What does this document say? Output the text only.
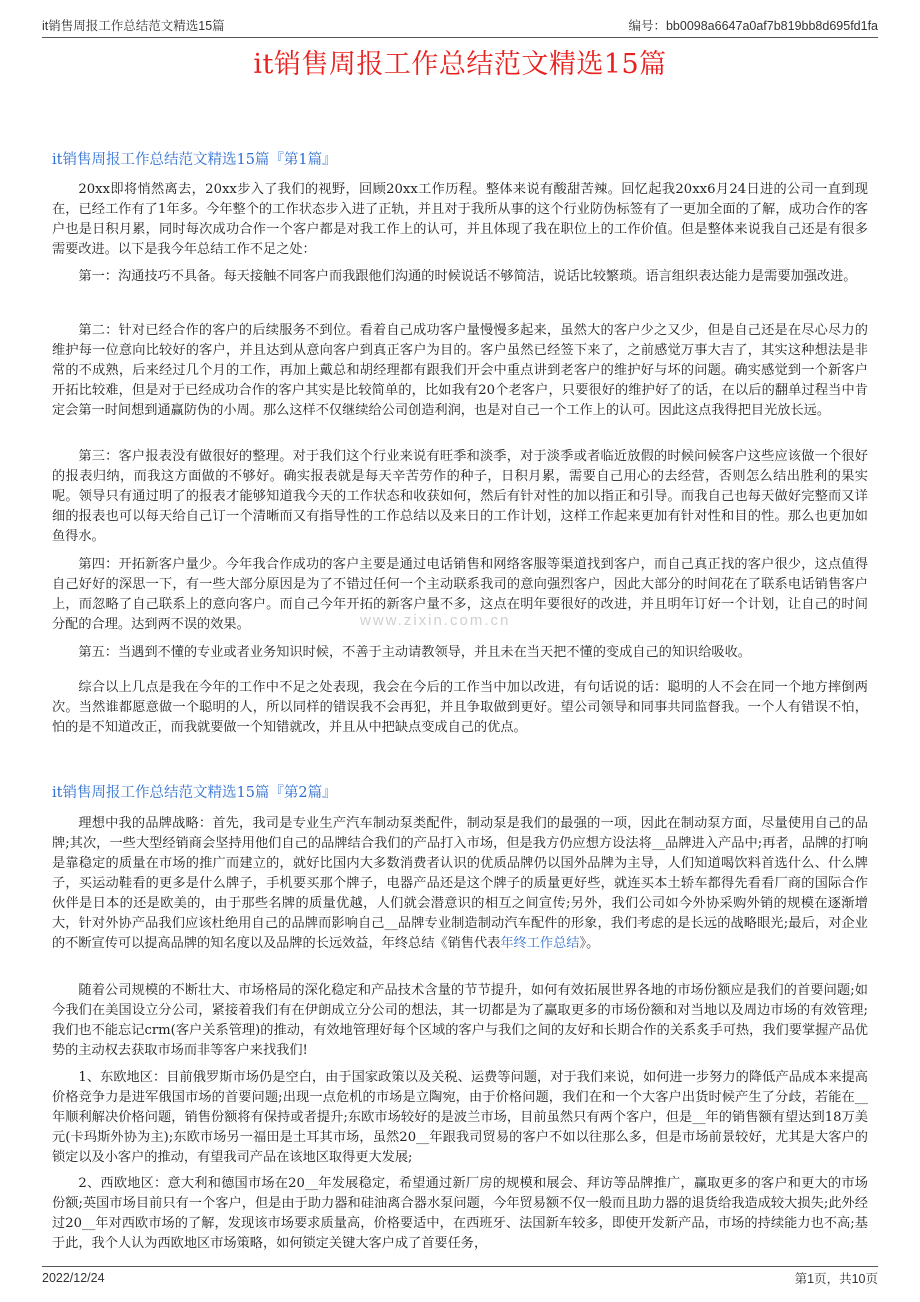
it销售周报工作总结范文精选15篇	编号：bb0098a6647a0af7b819bb8d695fd1fa
it销售周报工作总结范文精选15篇
it销售周报工作总结范文精选15篇『第1篇』

20xx即将悄然离去，20xx步入了我们的视野，回顾20xx工作历程。整体来说有酸甜苦辣。回忆起我20xx6月24日进的公司一直到现在，已经工作有了1年多。今年整个的工作状态步入进了正轨，并且对于我所从事的这个行业防伪标签有了一更加全面的了解，成功合作的客户也是日积月累，同时每次成功合作一个客户都是对我工作上的认可，并且体现了我在职位上的工作价值。但是整体来说我自己还是有很多需要改进。以下是我今年总结工作不足之处：

第一：沟通技巧不具备。每天接触不同客户而我跟他们沟通的时候说话不够简洁，说话比较繁琐。语言组织表达能力是需要加强改进。

第二：针对已经合作的客户的后续服务不到位。看着自己成功客户量慢慢多起来，虽然大的客户少之又少，但是自己还是在尽心尽力的维护每一位意向比较好的客户，并且达到从意向客户到真正客户为目的。客户虽然已经签下来了，之前感觉万事大吉了，其实这种想法是非常的不成熟，后来经过几个月的工作，再加上戴总和胡经理都有跟我们开会中重点讲到老客户的维护好与坏的问题。确实感觉到一个新客户开拓比较难，但是对于已经成功合作的客户其实是比较简单的，比如我有20个老客户，只要很好的维护好了的话，在以后的翻单过程当中肯定会第一时间想到通赢防伪的小周。那么这样不仅继续给公司创造利润，也是对自己一个工作上的认可。因此这点我得把目光放长远。

第三：客户报表没有做很好的整理。对于我们这个行业来说有旺季和淡季，对于淡季或者临近放假的时候问候客户这些应该做一个很好的报表归纳，而我这方面做的不够好。确实报表就是每天辛苦劳作的种子，日积月累，需要自己用心的去经营，否则怎么结出胜利的果实呢。领导只有通过明了的报表才能够知道我今天的工作状态和收获如何，然后有针对性的加以指正和引导。而我自己也每天做好完整而又详细的报表也可以每天给自己订一个清晰而又有指导性的工作总结以及来日的工作计划，这样工作起来更加有针对性和目的性。那么也更加如鱼得水。

第四：开拓新客户量少。今年我合作成功的客户主要是通过电话销售和网络客服等渠道找到客户，而自己真正找的客户很少，这点值得自己好好的深思一下，有一些大部分原因是为了不错过任何一个主动联系我司的意向强烈客户，因此大部分的时间花在了联系电话销售客户上，而忽略了自己联系上的意向客户。而自己今年开拓的新客户量不多，这点在明年要很好的改进，并且明年订好一个计划，让自己的时间分配的合理。达到两不误的效果。

第五：当遇到不懂的专业或者业务知识时候，不善于主动请教领导，并且未在当天把不懂的变成自己的知识给吸收。

综合以上几点是我在今年的工作中不足之处表现，我会在今后的工作当中加以改进，有句话说的话：聪明的人不会在同一个地方摔倒两次。当然谁都愿意做一个聪明的人，所以同样的错误我不会再犯，并且争取做到更好。望公司领导和同事共同监督我。一个人有错误不怕，怕的是不知道改正，而我就要做一个知错就改，并且从中把缺点变成自己的优点。

it销售周报工作总结范文精选15篇『第2篇』

理想中我的品牌战略：首先，我司是专业生产汽车制动泵类配件，制动泵是我们的最强的一项，因此在制动泵方面，尽量使用自己的品牌;其次，一些大型经销商会坚持用他们自己的品牌结合我们的产品打入市场，但是我方仍应想方设法将__品牌进入产品中;再者，品牌的打响是靠稳定的质量在市场的推广而建立的，就好比国内大多数消费者认识的优质品牌仍以国外品牌为主导，人们知道喝饮料首选什么、什么牌子，买运动鞋看的更多是什么牌子，手机要买那个牌子，电器产品还是这个牌子的质量更好些，就连买本土轿车都得先看看厂商的国际合作伙伴是日本的还是欧美的，由于那些名牌的质量优越，人们就会潜意识的相互之间宣传;另外，我们公司如今外协采购外销的规模在逐渐增大，针对外协产品我们应该杜绝用自己的品牌而影响自己__品牌专业制造制动汽车配件的形象，我们考虑的是长远的战略眼光;最后，对企业的不断宣传可以提高品牌的知名度以及品牌的长远效益，年终总结《销售代表年终工作总结》。

随着公司规模的不断壮大、市场格局的深化稳定和产品技术含量的节节提升，如何有效拓展世界各地的市场份额应是我们的首要问题;如今我们在美国设立分公司，紧接着我们有在伊朗成立分公司的想法，其一切都是为了赢取更多的市场份额和对当地以及周边市场的有效管理;我们也不能忘记crm(客户关系管理)的推动，有效地管理好每个区域的客户与我们之间的友好和长期合作的关系炙手可热，我们要掌握产品优势的主动权去获取市场而非等客户来找我们!

1、东欧地区：目前俄罗斯市场仍是空白，由于国家政策以及关税、运费等问题，对于我们来说，如何进一步努力的降低产品成本来提高价格竞争力是进军俄国市场的首要问题;出现一点危机的市场是立陶宛，由于价格问题，我们在和一个大客户出货时候产生了分歧，若能在__年顺利解决价格问题，销售份额将有保持或者提升;东欧市场较好的是波兰市场，目前虽然只有两个客户，但是__年的销售额有望达到18万美元(卡玛斯外协为主);东欧市场另一福田是土耳其市场，虽然20__年跟我司贸易的客户不如以往那么多，但是市场前景较好，尤其是大客户的锁定以及小客户的推动，有望我司产品在该地区取得更大发展;

2、西欧地区：意大利和德国市场在20__年发展稳定，希望通过新厂房的规模和展会、拜访等品牌推广，赢取更多的客户和更大的市场份额;英国市场目前只有一个客户，但是由于助力器和硅油离合器水泵问题，今年贸易额不仅一般而且助力器的退货给我造成较大损失;此外经过20__年对西欧市场的了解，发现该市场要求质量高，价格要适中，在西班牙、法国新车较多，即使开发新产品，市场的持续能力也不高;基于此，我个人认为西欧地区市场策略，如何锁定关键大客户成了首要任务，

www.zixin.com.cn
2022/12/24	第1页，共10页
